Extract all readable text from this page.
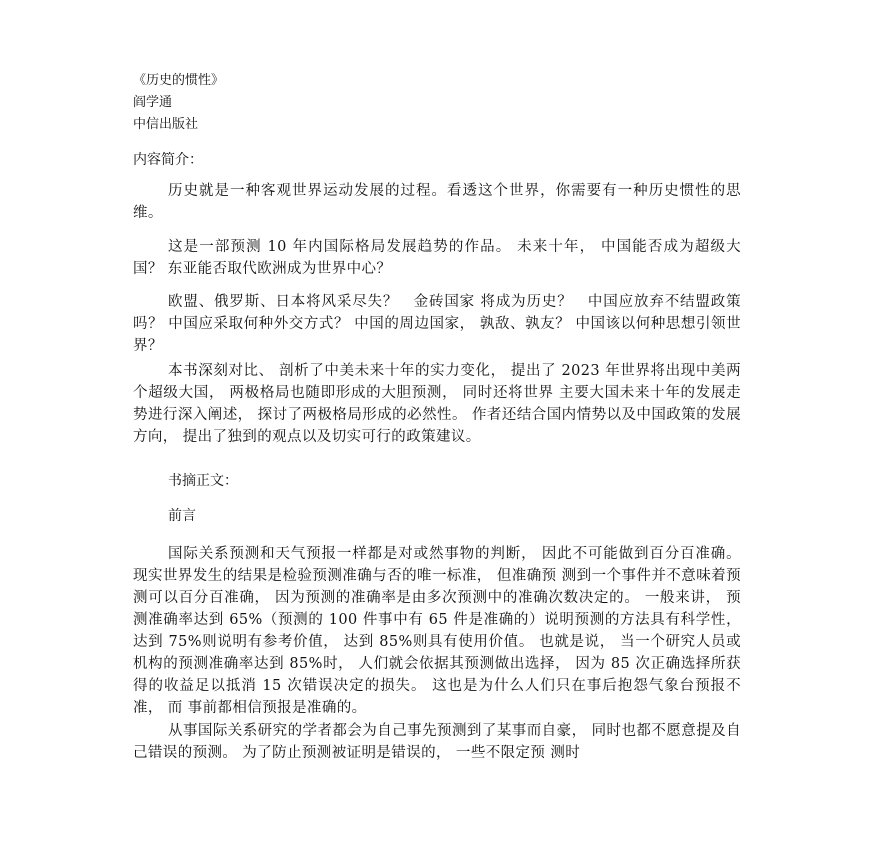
《历史的惯性》
阎学通
中信出版社
内容简介：

历史就是一种客观世界运动发展的过程。看透这个世界，你需要有一种历史惯性的思维。

这是一部预测 10 年内国际格局发展趋势的作品。 未来十年， 中国能否成为超级大国？ 东亚能否取代欧洲成为世界中心？

欧盟、俄罗斯、日本将风采尽失？　金砖国家 将成为历史？　中国应放弃不结盟政策吗？ 中国应采取何种外交方式？ 中国的周边国家， 孰敌、孰友？ 中国该以何种思想引领世界？

本书深刻对比、 剖析了中美未来十年的实力变化， 提出了 2023 年世界将出现中美两个超级大国， 两极格局也随即形成的大胆预测， 同时还将世界 主要大国未来十年的发展走势进行深入阐述， 探讨了两极格局形成的必然性。 作者还结合国内情势以及中国政策的发展方向， 提出了独到的观点以及切实可行的政策建议。

书摘正文：
前言

国际关系预测和天气预报一样都是对或然事物的判断， 因此不可能做到百分百准确。 现实世界发生的结果是检验预测准确与否的唯一标准， 但准确预 测到一个事件并不意味着预测可以百分百准确， 因为预测的准确率是由多次预测中的准确次数决定的。 一般来讲， 预测准确率达到 65%（预测的 100 件事中有 65 件是准确的）说明预测的方法具有科学性， 达到 75%则说明有参考价值， 达到 85%则具有使用价值。 也就是说， 当一个研究人员或机构的预测准确率达到 85%时， 人们就会依据其预测做出选择， 因为 85 次正确选择所获得的收益足以抵消 15 次错误决定的损失。 这也是为什么人们只在事后抱怨气象台预报不准， 而 事前都相信预报是准确的。

从事国际关系研究的学者都会为自己事先预测到了某事而自豪， 同时也都不愿意提及自己错误的预测。 为了防止预测被证明是错误的， 一些不限定预 测时
